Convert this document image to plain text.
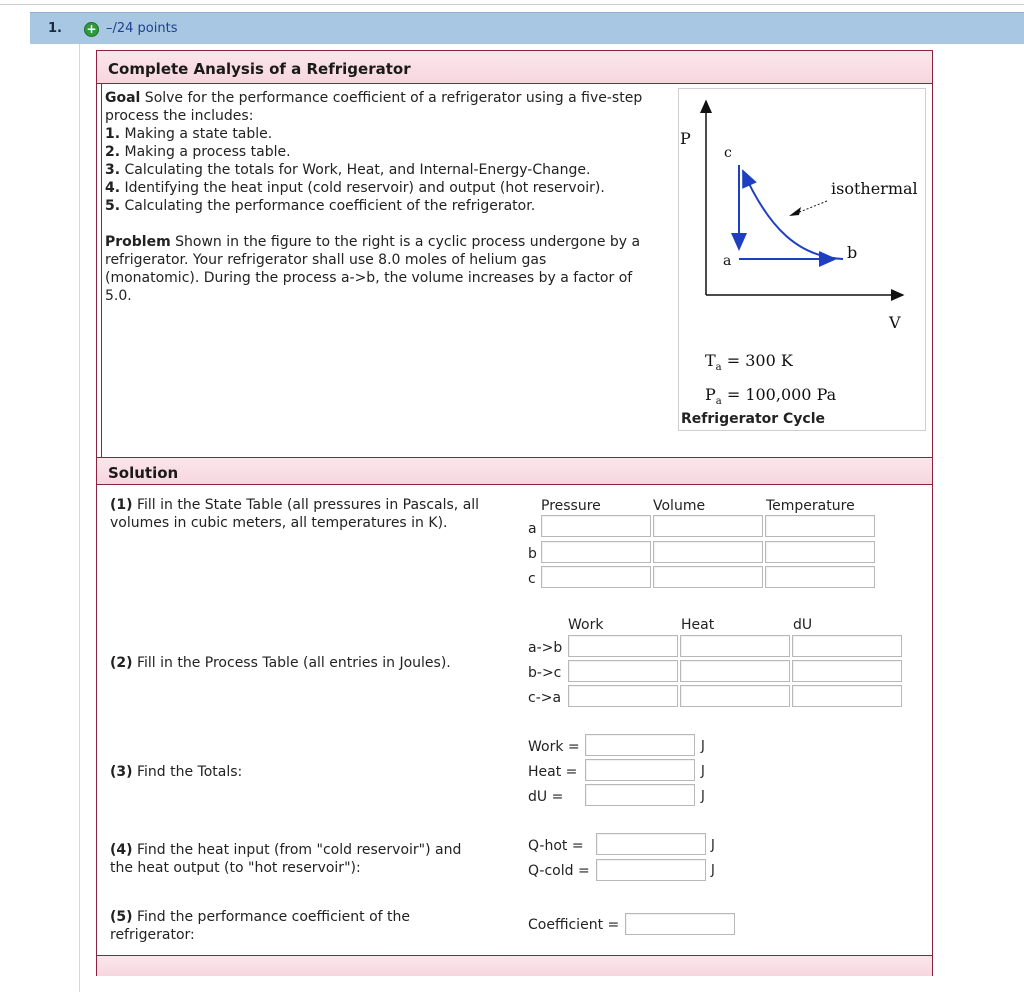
1. + –/24 points
Complete Analysis of a Refrigerator
Goal Solve for the performance coefficient of a refrigerator using a five-step
process the includes:
1. Making a state table.
2. Making a process table.
3. Calculating the totals for Work, Heat, and Internal-Energy-Change.
4. Identifying the heat input (cold reservoir) and output (hot reservoir).
5. Calculating the performance coefficient of the refrigerator.
Problem Shown in the figure to the right is a cyclic process undergone by a
refrigerator. Your refrigerator shall use 8.0 moles of helium gas
(monatomic). During the process a->b, the volume increases by a factor of
5.0.
P
V
a	b
c
isothermal
$T_a = 300$ K
$P_a = 100,000$ Pa
Refrigerator Cycle
Solution
(1) Fill in the State Table (all pressures in Pascals, all
volumes in cubic meters, all temperatures in K).
Pressure	Volume	Temperature
a
b
c
Work	Heat	dU
(2) Fill in the Process Table (all entries in Joules).
a->b
b->c
c->a
(3) Find the Totals:
Work =	J
Heat =	J
dU =	J
(4) Find the heat input (from "cold reservoir") and
the heat output (to "hot reservoir"):
Q-hot =	J
Q-cold =	J
(5) Find the performance coefficient of the
refrigerator:
Coefficient =
